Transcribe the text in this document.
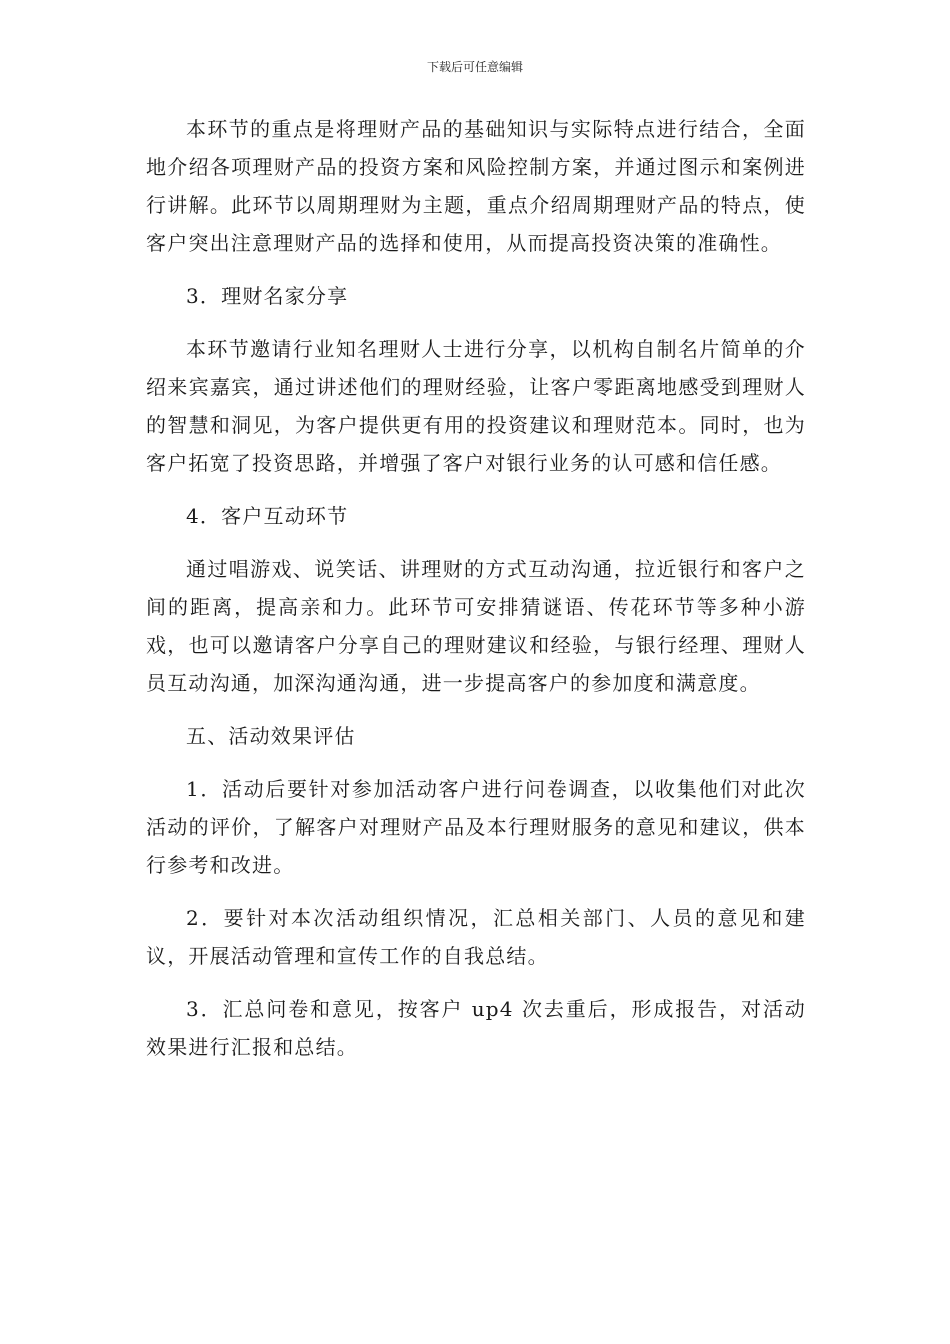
下载后可任意编辑

本环节的重点是将理财产品的基础知识与实际特点进行结合，全面地介绍各项理财产品的投资方案和风险控制方案，并通过图示和案例进行讲解。此环节以周期理财为主题，重点介绍周期理财产品的特点，使客户突出注意理财产品的选择和使用，从而提高投资决策的准确性。

3．理财名家分享

本环节邀请行业知名理财人士进行分享，以机构自制名片简单的介绍来宾嘉宾，通过讲述他们的理财经验，让客户零距离地感受到理财人的智慧和洞见，为客户提供更有用的投资建议和理财范本。同时，也为客户拓宽了投资思路，并增强了客户对银行业务的认可感和信任感。

4．客户互动环节

通过唱游戏、说笑话、讲理财的方式互动沟通，拉近银行和客户之间的距离，提高亲和力。此环节可安排猜谜语、传花环节等多种小游戏，也可以邀请客户分享自己的理财建议和经验，与银行经理、理财人员互动沟通，加深沟通沟通，进一步提高客户的参加度和满意度。

五、活动效果评估

1．活动后要针对参加活动客户进行问卷调查，以收集他们对此次活动的评价，了解客户对理财产品及本行理财服务的意见和建议，供本行参考和改进。

2．要针对本次活动组织情况，汇总相关部门、人员的意见和建议，开展活动管理和宣传工作的自我总结。

3．汇总问卷和意见，按客户 up4 次去重后，形成报告，对活动效果进行汇报和总结。
